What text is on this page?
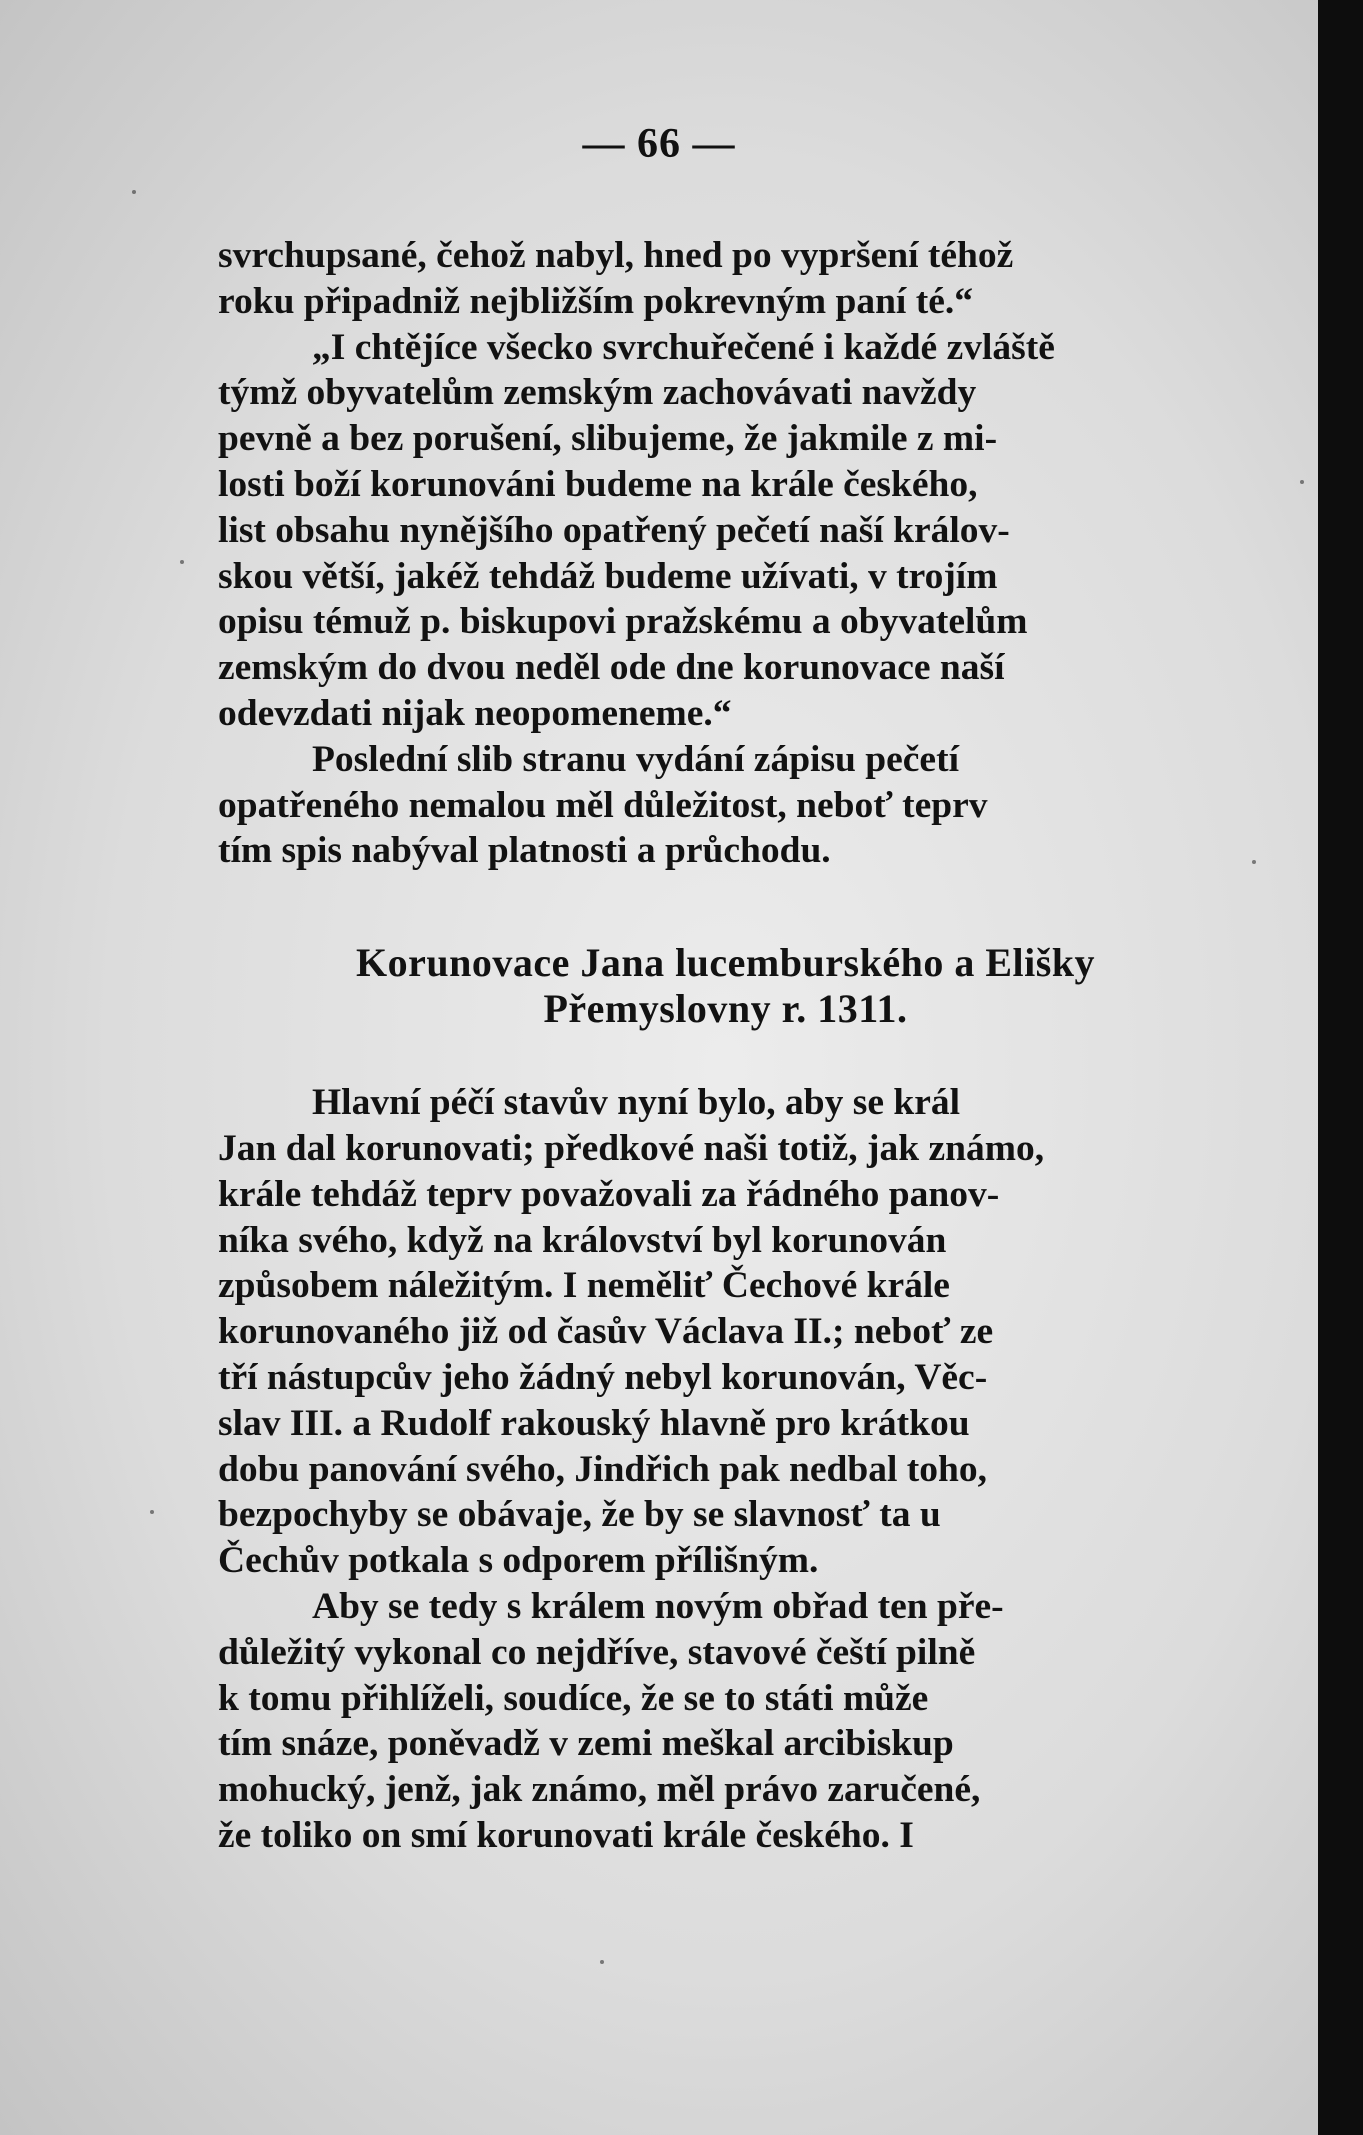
— 66 —

svrchupsané, čehož nabyl, hned po vypršení téhož
roku připadniž nejbližším pokrevným paní té.“

„I chtějíce všecko svrchuřečené i každé zvláště
týmž obyvatelům zemským zachovávati navždy
pevně a bez porušení, slibujeme, že jakmile z mi-
losti boží korunováni budeme na krále českého,
list obsahu nynějšího opatřený pečetí naší králov-
skou větší, jakéž tehdáž budeme užívati, v trojím
opisu témuž p. biskupovi pražskému a obyvatelům
zemským do dvou neděl ode dne korunovace naší
odevzdati nijak neopomeneme.“

Poslední slib stranu vydání zápisu pečetí
opatřeného nemalou měl důležitost, neboť teprv
tím spis nabýval platnosti a průchodu.

Korunovace Jana lucemburského a Elišky
Přemyslovny r. 1311.

Hlavní péčí stavův nyní bylo, aby se král
Jan dal korunovati; předkové naši totiž, jak známo,
krále tehdáž teprv považovali za řádného panov-
níka svého, když na království byl korunován
způsobem náležitým. I neměliť Čechové krále
korunovaného již od časův Václava II.; neboť ze
tří nástupcův jeho žádný nebyl korunován, Věc-
slav III. a Rudolf rakouský hlavně pro krátkou
dobu panování svého, Jindřich pak nedbal toho,
bezpochyby se obávaje, že by se slavnosť ta u
Čechův potkala s odporem přílišným.

Aby se tedy s králem novým obřad ten pře-
důležitý vykonal co nejdříve, stavové čeští pilně
k tomu přihlíželi, soudíce, že se to státi může
tím snáze, poněvadž v zemi meškal arcibiskup
mohucký, jenž, jak známo, měl právo zaručené,
že toliko on smí korunovati krále českého. I
